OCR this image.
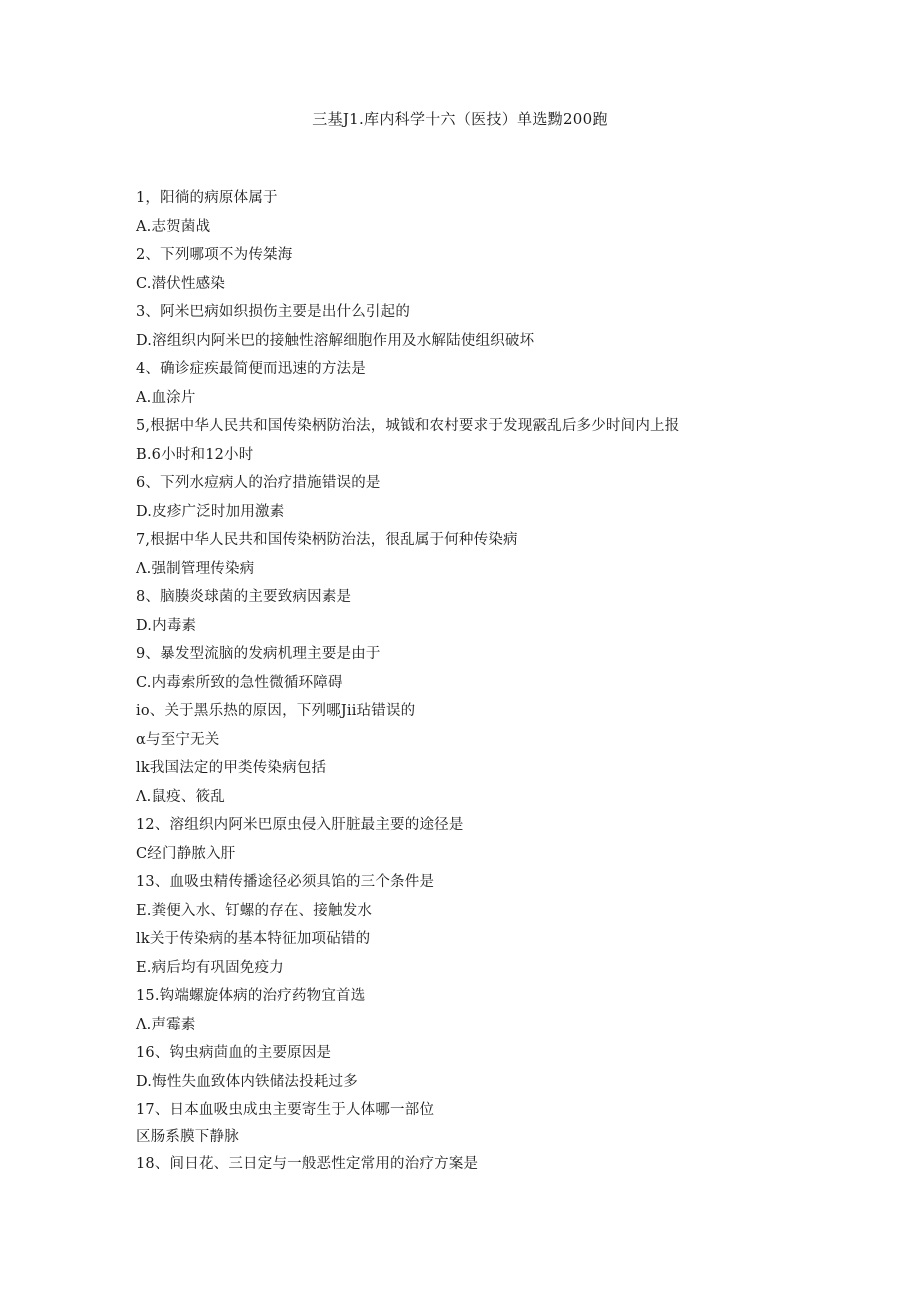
三基J1.库内科学十六（医技）单选黝200跑
1，阳徜的病原体属于
A.志贺菌战
2、下列哪项不为传桀海
C.潜伏性感染
3、阿米巴病如织损伤主要是出什么引起的
D.溶组织内阿米巴的接触性溶解细胞作用及水解陆使组织破坏
4、确诊症疾最简便而迅速的方法是
A.血涂片
5,根据中华人民共和国传染柄防治法，城钺和农村要求于发现霰乱后多少时间内上报
B.6小时和12小时
6、下列水痘病人的治疗措施错误的是
D.皮疹广泛时加用激素
7,根据中华人民共和国传染柄防治法，很乱属于何种传染病
Λ.强制管理传染病
8、脑腠炎球菌的主要致病因素是
D.内毒素
9、暴发型流脑的发病机理主要是由于
C.内毒索所致的急性微循环障碍
io、关于黑乐热的原因，下列哪Jii玷错误的
α与至宁无关
lk我国法定的甲类传染病包括
Λ.鼠疫、筱乱
12、溶组织内阿米巴原虫侵入肝脏最主要的途径是
C经门静脓入肝
13、血吸虫精传播途径必须具馅的三个条件是
E.粪便入水、钉螺的存在、接触发水
lk关于传染病的基本特征加项砧错的
E.病后均有巩固免疫力
15.钩端螺旋体病的治疗药物宜首选
Λ.声霉素
16、钩虫病茴血的主要原因是
D.悔性失血致体内铁储法投耗过多
17、日本血吸虫成虫主要寄生于人体哪一部位
区肠系膜下静脉
18、间日花、三日定与一般恶性定常用的治疗方案是
